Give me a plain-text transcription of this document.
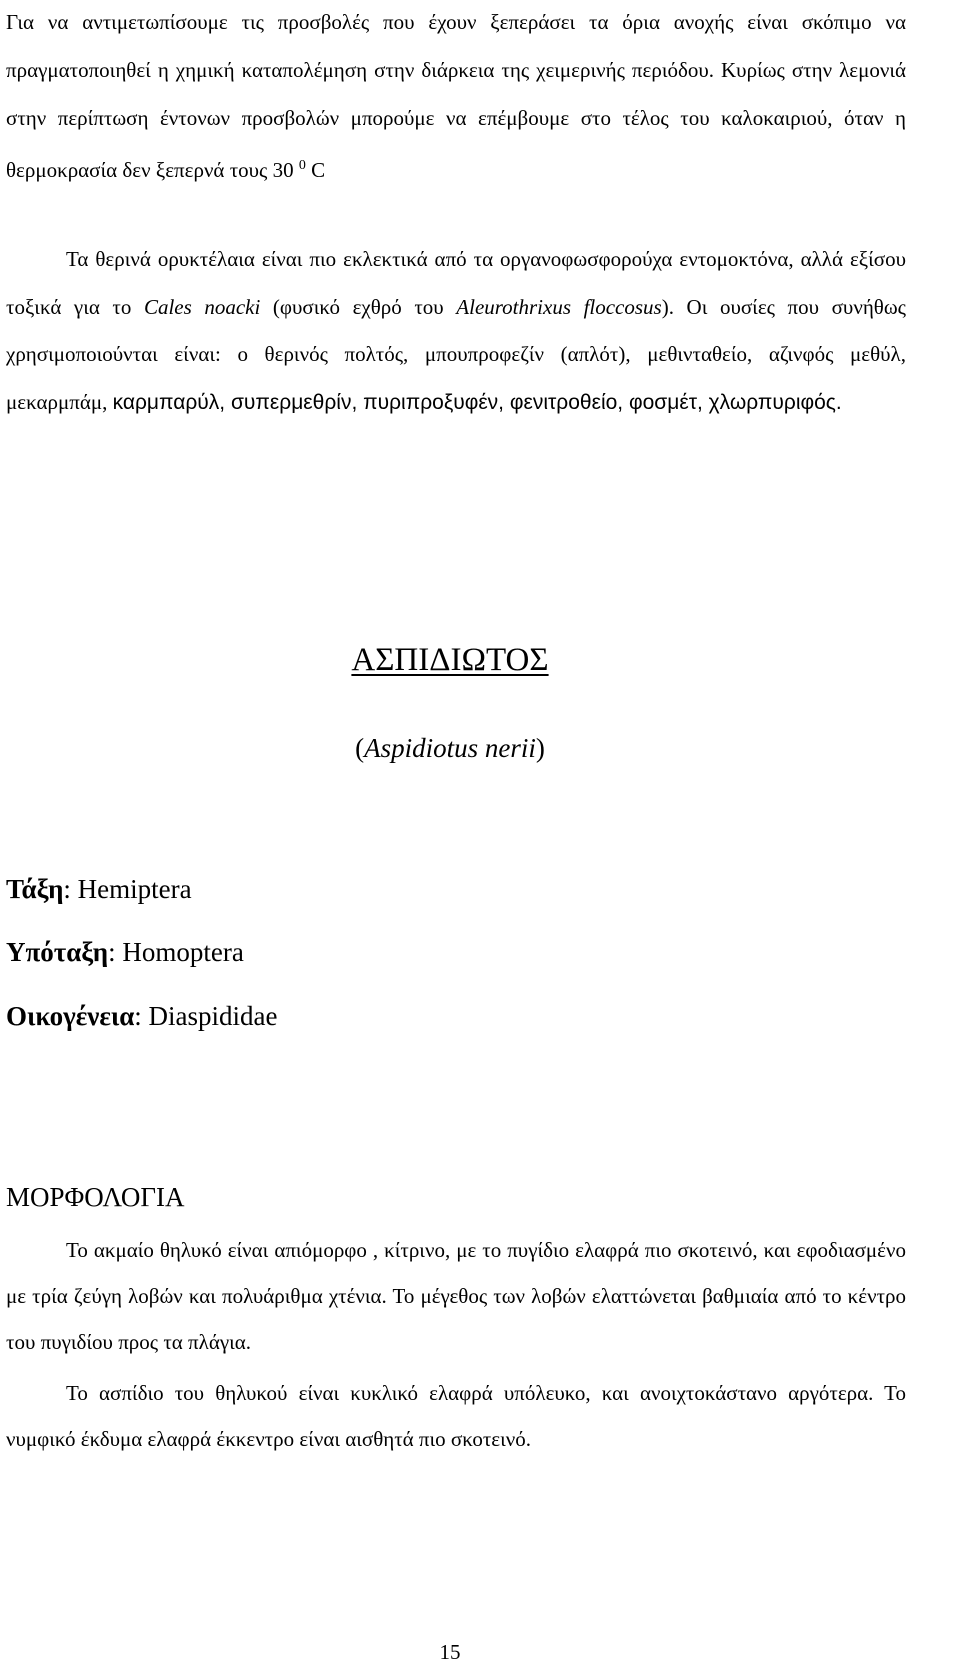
Για να αντιμετωπίσουμε τις προσβολές που έχουν ξεπεράσει τα όρια ανοχής είναι σκόπιμο να πραγματοποιηθεί η χημική καταπολέμηση στην διάρκεια της χειμερινής περιόδου. Κυρίως στην λεμονιά στην περίπτωση έντονων προσβολών μπορούμε να επέμβουμε στο τέλος του καλοκαιριού, όταν η θερμοκρασία δεν ξεπερνά τους 30 $^0$ C

Τα θερινά ορυκτέλαια είναι πιο εκλεκτικά από τα οργανοφωσφορούχα εντομοκτόνα, αλλά εξίσου τοξικά για το Cales noacki (φυσικό εχθρό του Aleurothrixus floccosus). Οι ουσίες που συνήθως χρησιμοποιούνται είναι: ο θερινός πολτός, μπουπροφεζίν (απλότ), μεθινταθείο, αζινφός μεθύλ, μεκαρμπάμ, καρμπαρύλ, συπερμεθρίν, πυριπροξυφέν, φενιτροθείο, φοσμέτ, χλωρπυριφός.

ΑΣΠΙΔΙΩΤΟΣ
(Aspidiotus nerii)
Τάξη: Hemiptera
Υπόταξη: Homoptera
Οικογένεια: Diaspididae
ΜΟΡΦΟΛΟΓΙΑ

Το ακμαίο θηλυκό είναι απιόμορφο , κίτρινο, με το πυγίδιο ελαφρά πιο σκοτεινό, και εφοδιασμένο με τρία ζεύγη λοβών και πολυάριθμα χτένια. Το μέγεθος των λοβών ελαττώνεται βαθμιαία από το κέντρο του πυγιδίου προς τα πλάγια.

Το ασπίδιο του θηλυκού είναι κυκλικό ελαφρά υπόλευκο, και ανοιχτοκάστανο αργότερα. Το νυμφικό έκδυμα ελαφρά έκκεντρο είναι αισθητά πιο σκοτεινό.

15
